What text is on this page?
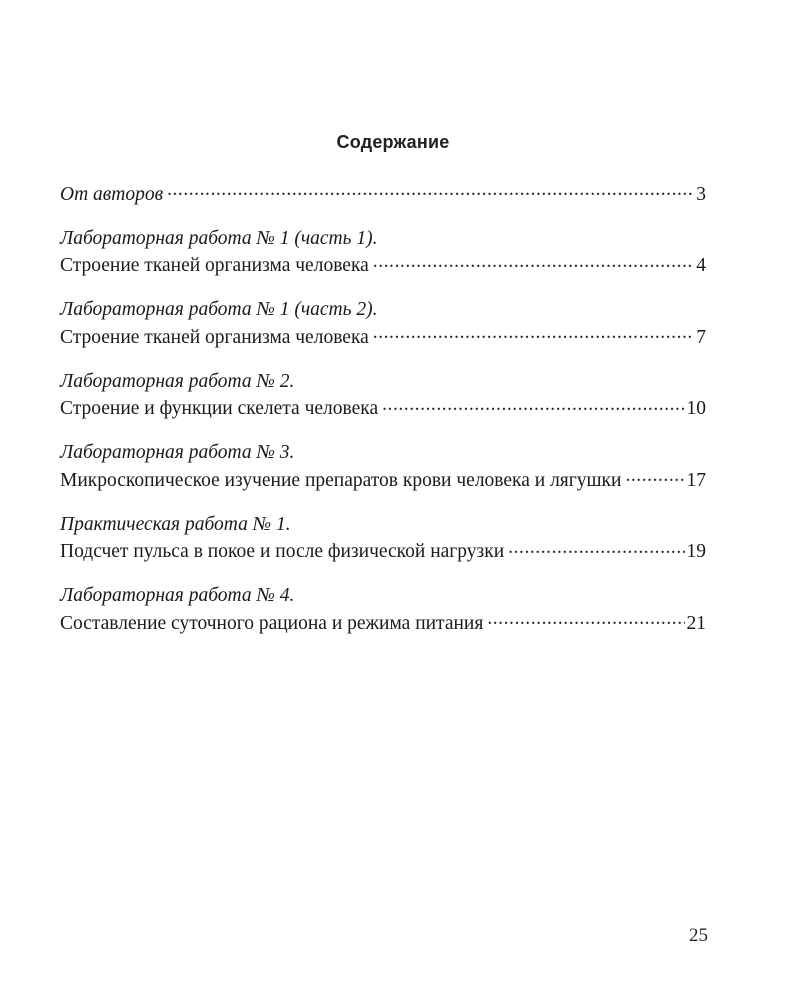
Содержание
От авторов .....	3
Лабораторная работа № 1 (часть 1).
Строение тканей организма человека .....	4
Лабораторная работа № 1 (часть 2).
Строение тканей организма человека .....	7
Лабораторная работа № 2.
Строение и функции скелета человека .....	10
Лабораторная работа № 3.
Микроскопическое изучение препаратов крови человека и лягушки .....	17
Практическая работа № 1.
Подсчет пульса в покое и после физической нагрузки .....	19
Лабораторная работа № 4.
Составление суточного рациона и режима питания .....	21
25
